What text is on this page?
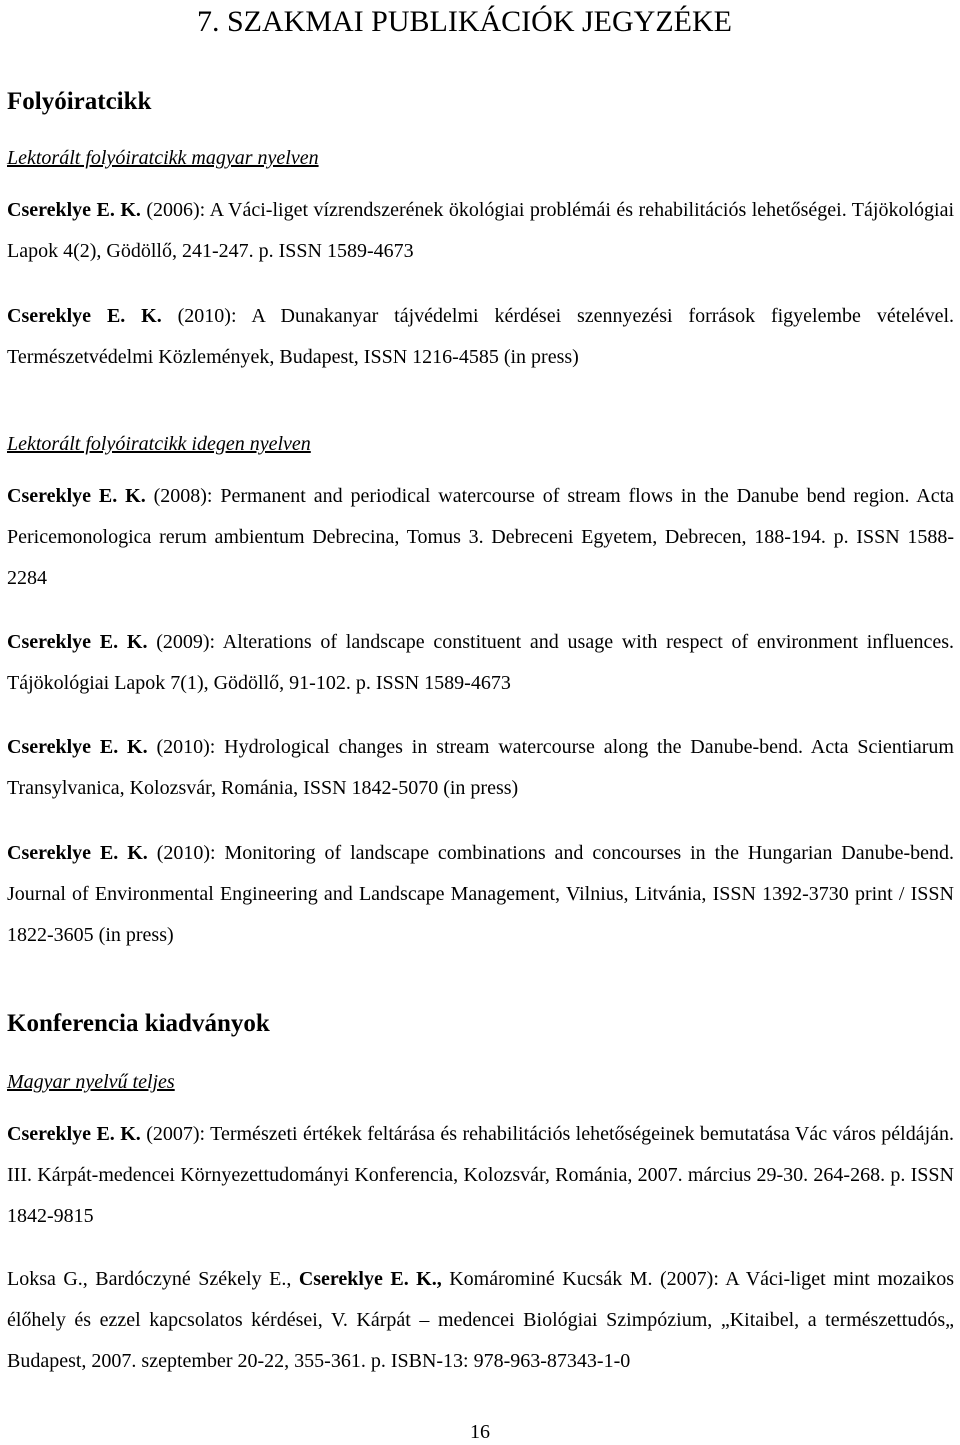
7. SZAKMAI PUBLIKÁCIÓK JEGYZÉKE
Folyóiratcikk
Lektorált folyóiratcikk magyar nyelven
Csereklye E. K. (2006): A Váci-liget vízrendszerének ökológiai problémái és rehabilitációs lehetőségei. Tájökológiai Lapok 4(2), Gödöllő, 241-247. p. ISSN 1589-4673
Csereklye E. K. (2010): A Dunakanyar tájvédelmi kérdései szennyezési források figyelembe vételével. Természetvédelmi Közlemények, Budapest, ISSN 1216-4585 (in press)
Lektorált folyóiratcikk idegen nyelven
Csereklye E. K. (2008): Permanent and periodical watercourse of stream flows in the Danube bend region. Acta Pericemonologica rerum ambientum Debrecina, Tomus 3. Debreceni Egyetem, Debrecen, 188-194. p. ISSN 1588-2284
Csereklye E. K. (2009): Alterations of landscape constituent and usage with respect of environment influences. Tájökológiai Lapok 7(1), Gödöllő, 91-102. p. ISSN 1589-4673
Csereklye E. K. (2010): Hydrological changes in stream watercourse along the Danube-bend. Acta Scientiarum Transylvanica, Kolozsvár, Románia, ISSN 1842-5070 (in press)
Csereklye E. K. (2010): Monitoring of landscape combinations and concourses in the Hungarian Danube-bend. Journal of Environmental Engineering and Landscape Management, Vilnius, Litvánia, ISSN 1392-3730 print / ISSN 1822-3605 (in press)
Konferencia kiadványok
Magyar nyelvű teljes
Csereklye E. K. (2007): Természeti értékek feltárása és rehabilitációs lehetőségeinek bemutatása Vác város példáján. III. Kárpát-medencei Környezettudományi Konferencia, Kolozsvár, Románia, 2007. március 29-30. 264-268. p. ISSN 1842-9815
Loksa G., Bardóczyné Székely E., Csereklye E. K., Komárominé Kucsák M. (2007): A Váci-liget mint mozaikos élőhely és ezzel kapcsolatos kérdései, V. Kárpát – medencei Biológiai Szimpózium, „Kitaibel, a természettudós„ Budapest, 2007. szeptember 20-22, 355-361. p. ISBN-13: 978-963-87343-1-0
16
